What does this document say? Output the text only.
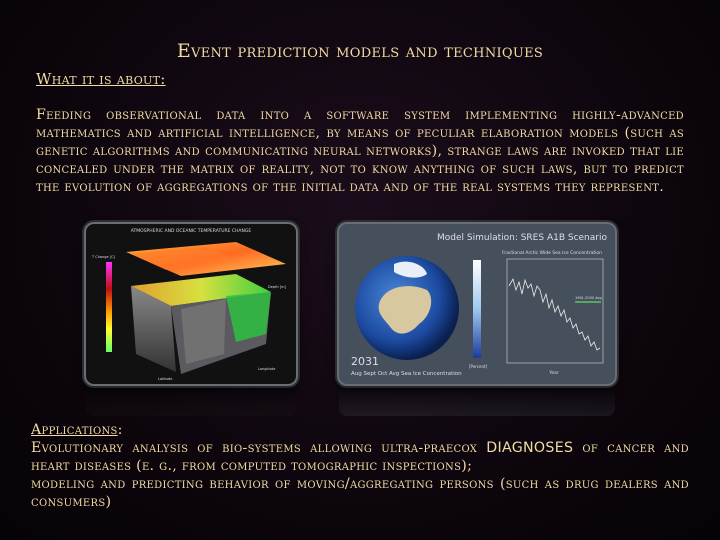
Event prediction models and techniques
What it is about:
Feeding observational data into a software system implementing highly-advanced mathematics and artificial intelligence, by means of peculiar elaboration models (such as genetic algorithms and communicating neural networks), strange laws are invoked that lie concealed under the matrix of reality, not to know anything of such laws, but to predict the evolution of aggregations of the initial data and of the real systems they represent.
ATMOSPHERIC AND OCEANIC TEMPERATURE CHANGE
T Change [C]
Depth [m]
Longitude
Latitude
Model Simulation: SRES A1B Scenario
2031
Aug Sept Oct Avg Sea Ice Concentration
[Percent]
Fractional Arctic Wide Sea Ice Concentration
1961-2000 Avg
Year
Applications:
Evolutionary analysis of bio-systems allowing ultra-praecox DIAGNOSES of cancer and heart diseases (e. g., from computed tomographic inspections);
modeling and predicting behavior of moving/aggregating persons (such as drug dealers and consumers)
